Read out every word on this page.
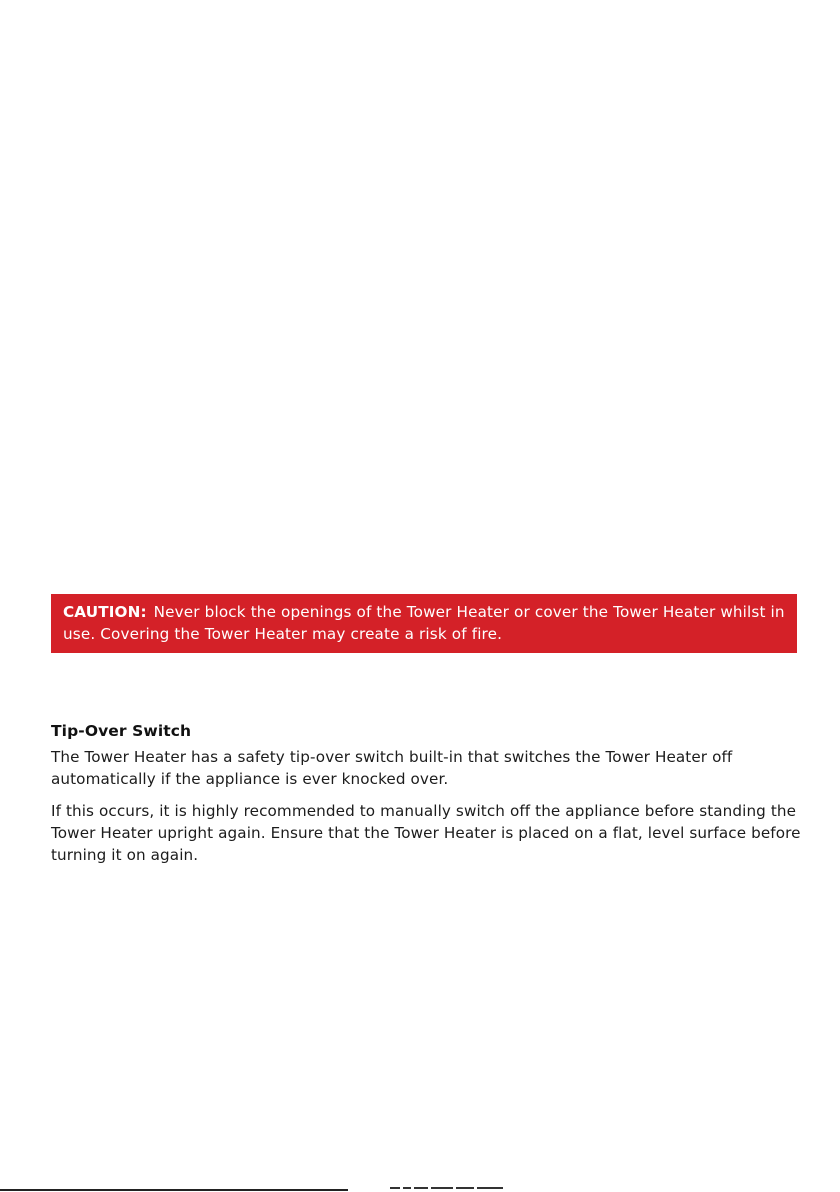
CAUTION: Never block the openings of the Tower Heater or cover the Tower Heater whilst in use. Covering the Tower Heater may create a risk of fire.
Tip-Over Switch

The Tower Heater has a safety tip-over switch built-in that switches the Tower Heater off automatically if the appliance is ever knocked over.

If this occurs, it is highly recommended to manually switch off the appliance before standing the Tower Heater upright again. Ensure that the Tower Heater is placed on a flat, level surface before turning it on again.
